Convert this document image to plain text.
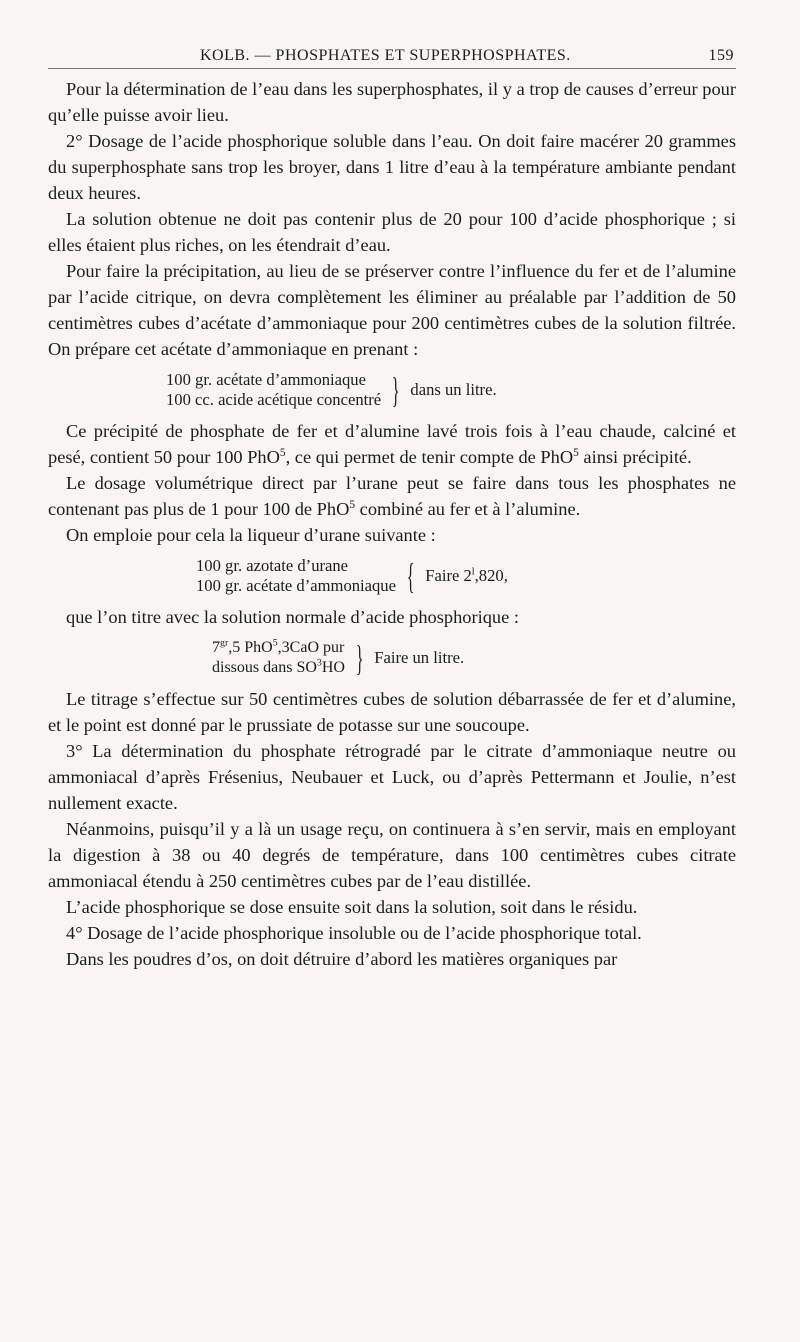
KOLB. — PHOSPHATES ET SUPERPHOSPHATES.	159

Pour la détermination de l’eau dans les superphosphates, il y a trop de causes d’erreur pour qu’elle puisse avoir lieu.

2° Dosage de l’acide phosphorique soluble dans l’eau. On doit faire macérer 20 grammes du superphosphate sans trop les broyer, dans 1 litre d’eau à la température ambiante pendant deux heures.

La solution obtenue ne doit pas contenir plus de 20 pour 100 d’acide phosphorique ; si elles étaient plus riches, on les étendrait d’eau.

Pour faire la précipitation, au lieu de se préserver contre l’influence du fer et de l’alumine par l’acide citrique, on devra complètement les éliminer au préalable par l’addition de 50 centimètres cubes d’acétate d’ammoniaque pour 200 centimètres cubes de la solution filtrée. On prépare cet acétate d’ammoniaque en prenant :

100 gr. acétate d’ammoniaque
100 cc. acide acétique concentré } dans un litre.

Ce précipité de phosphate de fer et d’alumine lavé trois fois à l’eau chaude, calciné et pesé, contient 50 pour 100 PhO$^5$, ce qui permet de tenir compte de PhO$^5$ ainsi précipité.

Le dosage volumétrique direct par l’urane peut se faire dans tous les phosphates ne contenant pas plus de 1 pour 100 de PhO$^5$ combiné au fer et à l’alumine.

On emploie pour cela la liqueur d’urane suivante :

100 gr. azotate d’urane
100 gr. acétate d’ammoniaque { Faire 2$^l$,820,

que l’on titre avec la solution normale d’acide phosphorique :

$7^{gr},5$ PhO$^5$,3CaO pur
dissous dans $SO^3HO$ } Faire un litre.

Le titrage s’effectue sur 50 centimètres cubes de solution débarrassée de fer et d’alumine, et le point est donné par le prussiate de potasse sur une soucoupe.

3° La détermination du phosphate rétrogradé par le citrate d’ammoniaque neutre ou ammoniacal d’après Frésenius, Neubauer et Luck, ou d’après Pettermann et Joulie, n’est nullement exacte.

Néanmoins, puisqu’il y a là un usage reçu, on continuera à s’en servir, mais en employant la digestion à 38 ou 40 degrés de température, dans 100 centimètres cubes citrate ammoniacal étendu à 250 centimètres cubes par de l’eau distillée.

L’acide phosphorique se dose ensuite soit dans la solution, soit dans le résidu.

4° Dosage de l’acide phosphorique insoluble ou de l’acide phosphorique total.

Dans les poudres d’os, on doit détruire d’abord les matières organiques par
